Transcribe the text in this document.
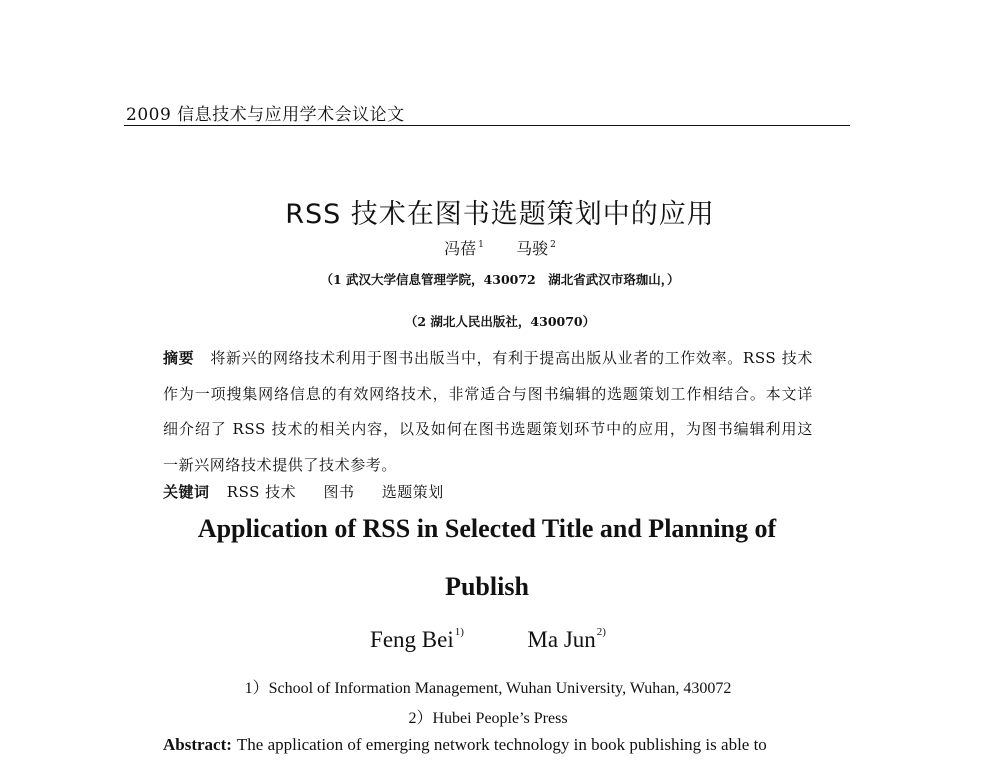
2009 信息技术与应用学术会议论文
RSS 技术在图书选题策划中的应用
冯蓓 $^1$ 马骏 $^2$
（1 武汉大学信息管理学院，430072　湖北省武汉市珞珈山，）
（2 湖北人民出版社，430070）
摘要 将新兴的网络技术利用于图书出版当中，有利于提高出版从业者的工作效率。RSS 技术作为一项搜集网络信息的有效网络技术，非常适合与图书编辑的选题策划工作相结合。本文详细介绍了 RSS 技术的相关内容，以及如何在图书选题策划环节中的应用，为图书编辑利用这一新兴网络技术提供了技术参考。
关键词 RSS 技术 图书 选题策划
Application of RSS in Selected Title and Planning of
Publish
Feng Bei$^{1)}$	Ma Jun$^{2)}$
1）School of Information Management, Wuhan University, Wuhan, 430072
2）Hubei People’s Press
Abstract: The application of emerging network technology in book publishing is able to
